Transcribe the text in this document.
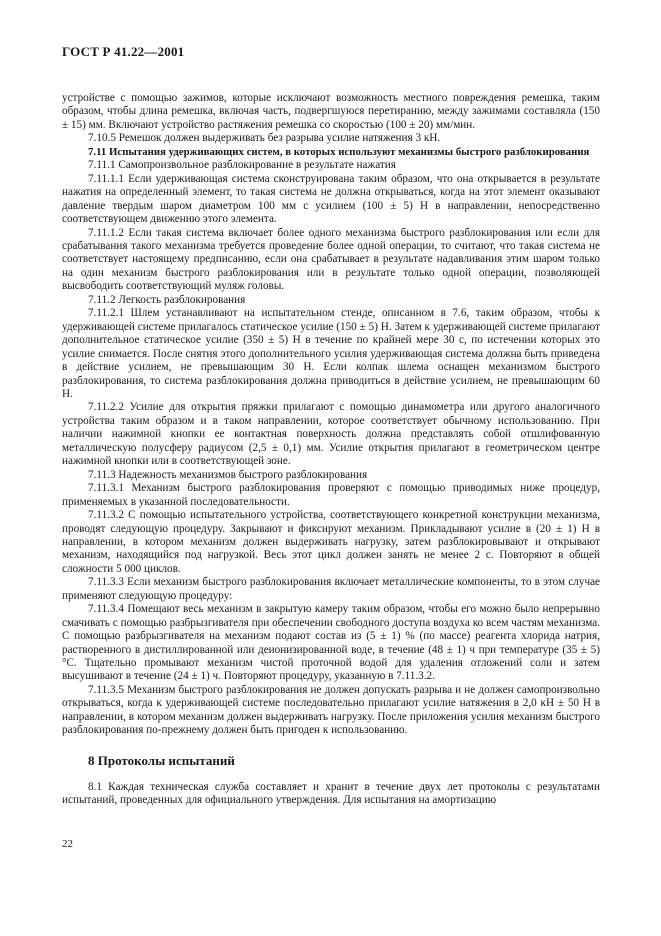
ГОСТ Р 41.22—2001

устройстве с помощью зажимов, которые исключают возможность местного повреждения ремешка, таким образом, чтобы длина ремешка, включая часть, подвергшуюся перетиранию, между зажимами составляла (150 ± 15) мм. Включают устройство растяжения ремешка со скоростью (100 ± 20) мм/мин.

7.10.5 Ремешок должен выдерживать без разрыва усилие натяжения 3 кН.

7.11 Испытания удерживающих систем, в которых используют механизмы быстрого разблокирования

7.11.1 Самопроизвольное разблокирование в результате нажатия

7.11.1.1 Если удерживающая система сконструирована таким образом, что она открывается в результате нажатия на определенный элемент, то такая система не должна открываться, когда на этот элемент оказывают давление твердым шаром диаметром 100 мм с усилием (100 ± 5) Н в направлении, непосредственно соответствующем движению этого элемента.

7.11.1.2 Если такая система включает более одного механизма быстрого разблокирования или если для срабатывания такого механизма требуется проведение более одной операции, то считают, что такая система не соответствует настоящему предписанию, если она срабатывает в результате надавливания этим шаром только на один механизм быстрого разблокирования или в результате только одной операции, позволяющей высвободить соответствующий муляж головы.

7.11.2 Легкость разблокирования

7.11.2.1 Шлем устанавливают на испытательном стенде, описанном в 7.6, таким образом, чтобы к удерживающей системе прилагалось статическое усилие (150 ± 5) Н. Затем к удерживающей системе прилагают дополнительное статическое усилие (350 ± 5) Н в течение по крайней мере 30 с, по истечении которых это усилие снимается. После снятия этого дополнительного усилия удерживающая система должна быть приведена в действие усилием, не превышающим 30 Н. Если колпак шлема оснащен механизмом быстрого разблокирования, то система разблокирования должна приводиться в действие усилием, не превышающим 60 Н.

7.11.2.2 Усилие для открытия пряжки прилагают с помощью динамометра или другого аналогичного устройства таким образом и в таком направлении, которое соответствует обычному использованию. При наличии нажимной кнопки ее контактная поверхность должна представлять собой отшлифованную металлическую полусферу радиусом (2,5 ± 0,1) мм. Усилие открытия прилагают в геометрическом центре нажимной кнопки или в соответствующей зоне.

7.11.3 Надежность механизмов быстрого разблокирования

7.11.3.1 Механизм быстрого разблокирования проверяют с помощью приводимых ниже процедур, применяемых в указанной последовательности.

7.11.3.2 С помощью испытательного устройства, соответствующего конкретной конструкции механизма, проводят следующую процедуру. Закрывают и фиксируют механизм. Прикладывают усилие в (20 ± 1) Н в направлении, в котором механизм должен выдерживать нагрузку, затем разблокировывают и открывают механизм, находящийся под нагрузкой. Весь этот цикл должен занять не менее 2 с. Повторяют в общей сложности 5 000 циклов.

7.11.3.3 Если механизм быстрого разблокирования включает металлические компоненты, то в этом случае применяют следующую процедуру:

7.11.3.4 Помещают весь механизм в закрытую камеру таким образом, чтобы его можно было непрерывно смачивать с помощью разбрызгивателя при обеспечении свободного доступа воздуха ко всем частям механизма. С помощью разбрызгивателя на механизм подают состав из (5 ± 1) % (по массе) реагента хлорида натрия, растворенного в дистиллированной или деионизированной воде, в течение (48 ± 1) ч при температуре (35 ± 5) °С. Тщательно промывают механизм чистой проточной водой для удаления отложений соли и затем высушивают в течение (24 ± 1) ч. Повторяют процедуру, указанную в 7.11.3.2.

7.11.3.5 Механизм быстрого разблокирования не должен допускать разрыва и не должен самопроизвольно открываться, когда к удерживающей системе последовательно прилагают усилие натяжения в 2,0 кН ± 50 Н в направлении, в котором механизм должен выдерживать нагрузку. После приложения усилия механизм быстрого разблокирования по-прежнему должен быть пригоден к использованию.

8 Протоколы испытаний

8.1 Каждая техническая служба составляет и хранит в течение двух лет протоколы с результатами испытаний, проведенных для официального утверждения. Для испытания на амортизацию

22
